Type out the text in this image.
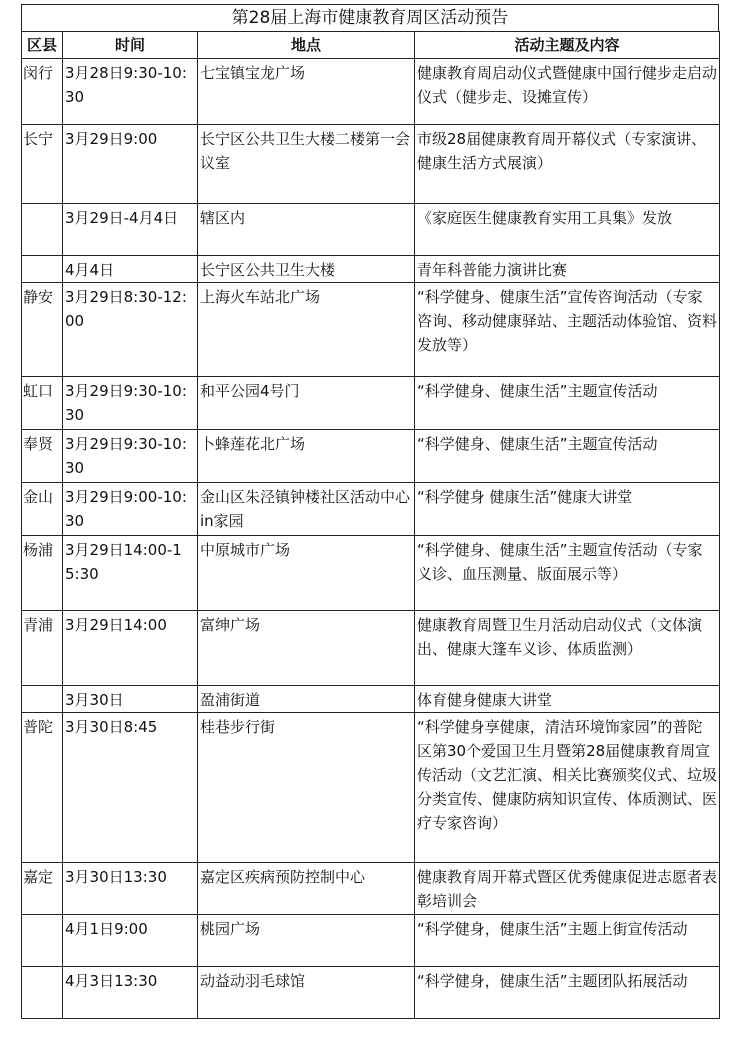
第28届上海市健康教育周区活动预告
区县	时间	地点	活动主题及内容
闵行	3月28日9:30-10:30	七宝镇宝龙广场	健康教育周启动仪式暨健康中国行健步走启动仪式（健步走、设摊宣传）
长宁	3月29日9:00	长宁区公共卫生大楼二楼第一会议室	市级28届健康教育周开幕仪式（专家演讲、健康生活方式展演）
	3月29日-4月4日	辖区内	《家庭医生健康教育实用工具集》发放
	4月4日	长宁区公共卫生大楼	青年科普能力演讲比赛
静安	3月29日8:30-12:00	上海火车站北广场	“科学健身、健康生活”宣传咨询活动（专家咨询、移动健康驿站、主题活动体验馆、资料发放等）
虹口	3月29日9:30-10:30	和平公园4号门	“科学健身、健康生活”主题宣传活动
奉贤	3月29日9:30-10:30	卜蜂莲花北广场	“科学健身、健康生活”主题宣传活动
金山	3月29日9:00-10:30	金山区朱泾镇钟楼社区活动中心in家园	“科学健身 健康生活”健康大讲堂
杨浦	3月29日14:00-15:30	中原城市广场	“科学健身、健康生活”主题宣传活动（专家义诊、血压测量、版面展示等）
青浦	3月29日14:00	富绅广场	健康教育周暨卫生月活动启动仪式（文体演出、健康大篷车义诊、体质监测）
	3月30日	盈浦街道	体育健身健康大讲堂
普陀	3月30日8:45	桂巷步行街	“科学健身享健康，清洁环境饰家园”的普陀区第30个爱国卫生月暨第28届健康教育周宣传活动（文艺汇演、相关比赛颁奖仪式、垃圾分类宣传、健康防病知识宣传、体质测试、医疗专家咨询）
嘉定	3月30日13:30	嘉定区疾病预防控制中心	健康教育周开幕式暨区优秀健康促进志愿者表彰培训会
	4月1日9:00	桃园广场	“科学健身，健康生活”主题上街宣传活动
	4月3日13:30	动益动羽毛球馆	“科学健身，健康生活”主题团队拓展活动
